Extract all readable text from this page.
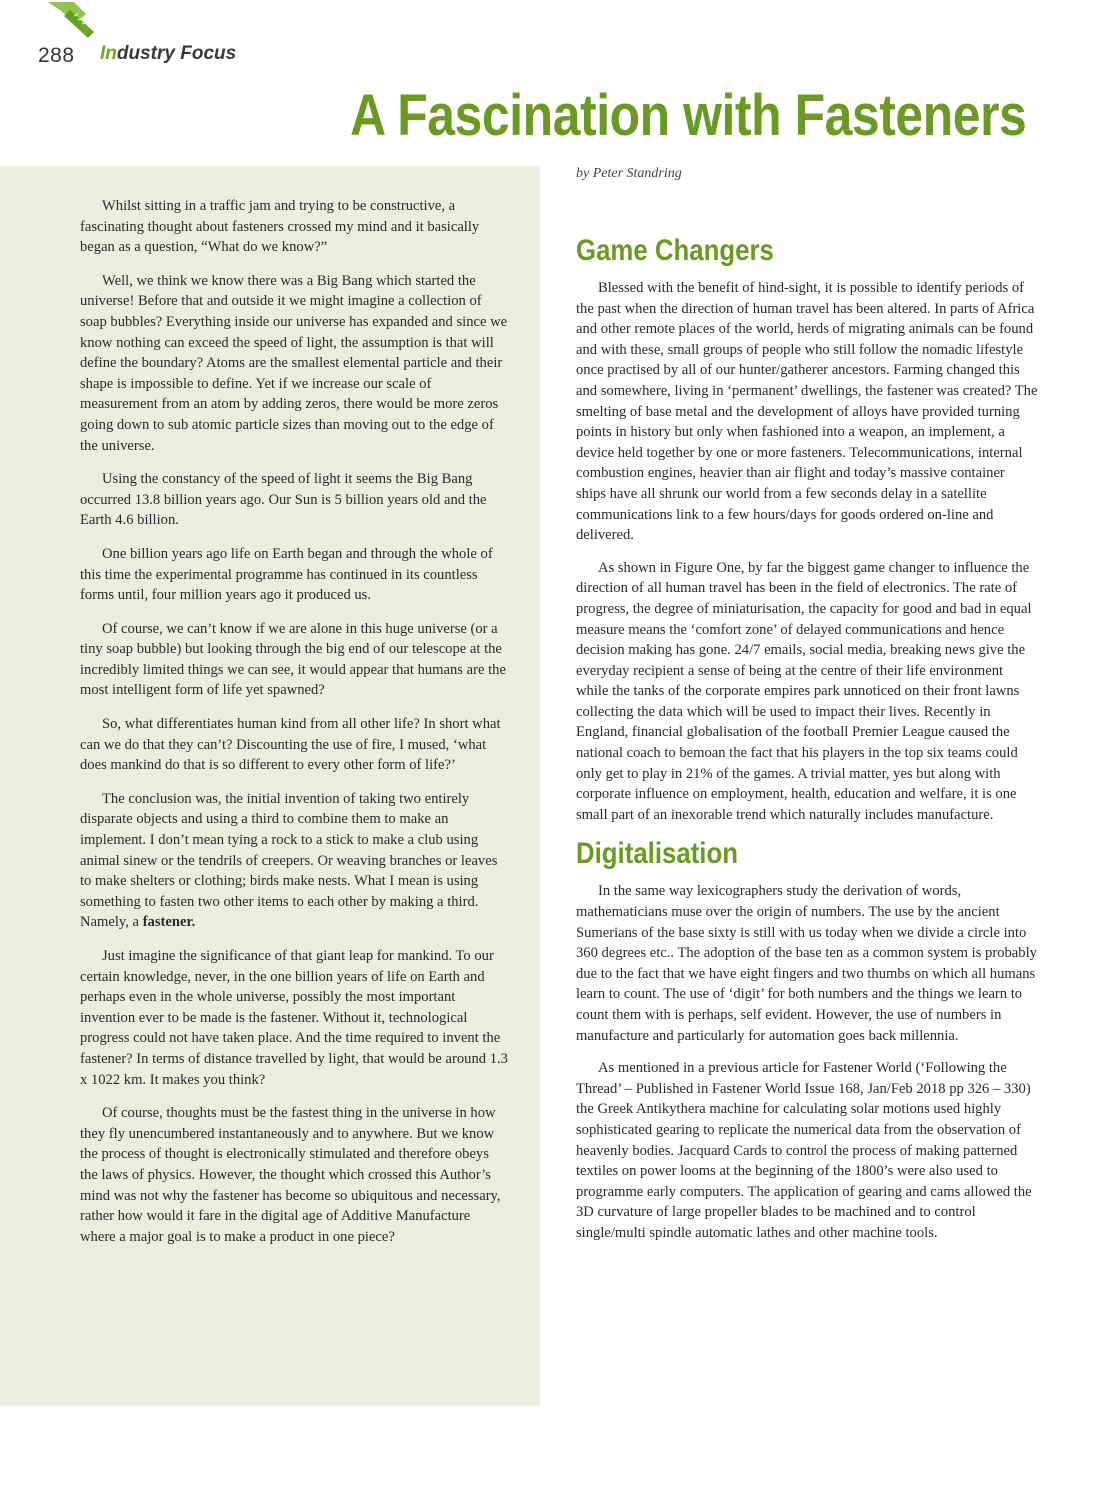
288 Industry Focus
A Fascination with Fasteners

Whilst sitting in a traffic jam and trying to be constructive, a fascinating thought about fasteners crossed my mind and it basically began as a question, “What do we know?”

Well, we think we know there was a Big Bang which started the universe! Before that and outside it we might imagine a collection of soap bubbles? Everything inside our universe has expanded and since we know nothing can exceed the speed of light, the assumption is that will define the boundary? Atoms are the smallest elemental particle and their shape is impossible to define. Yet if we increase our scale of measurement from an atom by adding zeros, there would be more zeros going down to sub atomic particle sizes than moving out to the edge of the universe.

Using the constancy of the speed of light it seems the Big Bang occurred 13.8 billion years ago. Our Sun is 5 billion years old and the Earth 4.6 billion.

One billion years ago life on Earth began and through the whole of this time the experimental programme has continued in its countless forms until, four million years ago it produced us.

Of course, we can’t know if we are alone in this huge universe (or a tiny soap bubble) but looking through the big end of our telescope at the incredibly limited things we can see, it would appear that humans are the most intelligent form of life yet spawned?

So, what differentiates human kind from all other life? In short what can we do that they can’t? Discounting the use of fire, I mused, ‘what does mankind do that is so different to every other form of life?’

The conclusion was, the initial invention of taking two entirely disparate objects and using a third to combine them to make an implement. I don’t mean tying a rock to a stick to make a club using animal sinew or the tendrils of creepers. Or weaving branches or leaves to make shelters or clothing; birds make nests. What I mean is using something to fasten two other items to each other by making a third. Namely, a fastener.

Just imagine the significance of that giant leap for mankind. To our certain knowledge, never, in the one billion years of life on Earth and perhaps even in the whole universe, possibly the most important invention ever to be made is the fastener. Without it, technological progress could not have taken place. And the time required to invent the fastener? In terms of distance travelled by light, that would be around 1.3 x 1022 km. It makes you think?

Of course, thoughts must be the fastest thing in the universe in how they fly unencumbered instantaneously and to anywhere. But we know the process of thought is electronically stimulated and therefore obeys the laws of physics. However, the thought which crossed this Author’s mind was not why the fastener has become so ubiquitous and necessary, rather how would it fare in the digital age of Additive Manufacture where a major goal is to make a product in one piece?

by Peter Standring
Game Changers

Blessed with the benefit of hind-sight, it is possible to identify periods of the past when the direction of human travel has been altered. In parts of Africa and other remote places of the world, herds of migrating animals can be found and with these, small groups of people who still follow the nomadic lifestyle once practised by all of our hunter/gatherer ancestors. Farming changed this and somewhere, living in ‘permanent’ dwellings, the fastener was created? The smelting of base metal and the development of alloys have provided turning points in history but only when fashioned into a weapon, an implement, a device held together by one or more fasteners. Telecommunications, internal combustion engines, heavier than air flight and today’s massive container ships have all shrunk our world from a few seconds delay in a satellite communications link to a few hours/days for goods ordered on-line and delivered.

As shown in Figure One, by far the biggest game changer to influence the direction of all human travel has been in the field of electronics. The rate of progress, the degree of miniaturisation, the capacity for good and bad in equal measure means the ‘comfort zone’ of delayed communications and hence decision making has gone. 24/7 emails, social media, breaking news give the everyday recipient a sense of being at the centre of their life environment while the tanks of the corporate empires park unnoticed on their front lawns collecting the data which will be used to impact their lives. Recently in England, financial globalisation of the football Premier League caused the national coach to bemoan the fact that his players in the top six teams could only get to play in 21% of the games. A trivial matter, yes but along with corporate influence on employment, health, education and welfare, it is one small part of an inexorable trend which naturally includes manufacture.

Digitalisation

In the same way lexicographers study the derivation of words, mathematicians muse over the origin of numbers. The use by the ancient Sumerians of the base sixty is still with us today when we divide a circle into 360 degrees etc.. The adoption of the base ten as a common system is probably due to the fact that we have eight fingers and two thumbs on which all humans learn to count. The use of ‘digit’ for both numbers and the things we learn to count them with is perhaps, self evident. However, the use of numbers in manufacture and particularly for automation goes back millennia.

As mentioned in a previous article for Fastener World (‘Following the Thread’ – Published in Fastener World Issue 168, Jan/Feb 2018 pp 326 – 330) the Greek Antikythera machine for calculating solar motions used highly sophisticated gearing to replicate the numerical data from the observation of heavenly bodies. Jacquard Cards to control the process of making patterned textiles on power looms at the beginning of the 1800’s were also used to programme early computers. The application of gearing and cams allowed the 3D curvature of large propeller blades to be machined and to control single/multi spindle automatic lathes and other machine tools.
